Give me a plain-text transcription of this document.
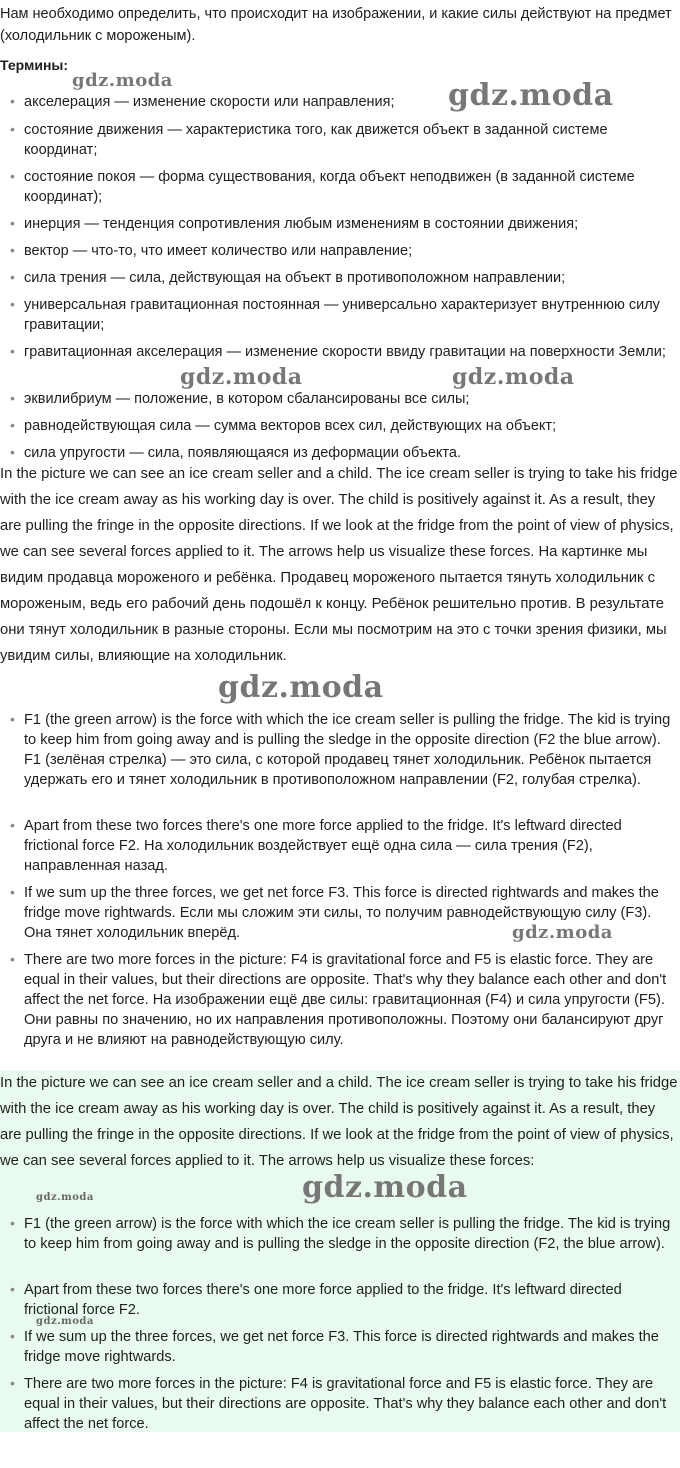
Нам необходимо определить, что происходит на изображении, и какие силы действуют на предмет (холодильник с мороженым).

Термины:

• акселерация — изменение скорости или направления;

• состояние движения — характеристика того, как движется объект в заданной системе координат;

• состояние покоя — форма существования, когда объект неподвижен (в заданной системе координат);

• инерция — тенденция сопротивления любым изменениям в состоянии движения;

• вектор — что-то, что имеет количество или направление;

• сила трения — сила, действующая на объект в противоположном направлении;

• универсальная гравитационная постоянная — универсально характеризует внутреннюю силу гравитации;

• гравитационная акселерация — изменение скорости ввиду гравитации на поверхности Земли;

• эквилибриум — положение, в котором сбалансированы все силы;

• равнодействующая сила — сумма векторов всех сил, действующих на объект;

• сила упругости — сила, появляющаяся из деформации объекта.

In the picture we can see an ice cream seller and a child. The ice cream seller is trying to take his fridge with the ice cream away as his working day is over. The child is positively against it. As a result, they are pulling the fringe in the opposite directions. If we look at the fridge from the point of view of physics, we can see several forces applied to it. The arrows help us visualize these forces. На картинке мы видим продавца мороженого и ребёнка. Продавец мороженого пытается тянуть холодильник с мороженым, ведь его рабочий день подошёл к концу. Ребёнок решительно против. В результате они тянут холодильник в разные стороны. Если мы посмотрим на это с точки зрения физики, мы увидим силы, влияющие на холодильник.

• F1 (the green arrow) is the force with which the ice cream seller is pulling the fridge. The kid is trying to keep him from going away and is pulling the sledge in the opposite direction (F2 the blue arrow). F1 (зелёная стрелка) — это сила, с которой продавец тянет холодильник. Ребёнок пытается удержать его и тянет холодильник в противоположном направлении (F2, голубая стрелка).

• Apart from these two forces there's one more force applied to the fridge. It's leftward directed frictional force F2. На холодильник воздействует ещё одна сила — сила трения (F2), направленная назад.

• If we sum up the three forces, we get net force F3. This force is directed rightwards and makes the fridge move rightwards. Если мы сложим эти силы, то получим равнодействующую силу (F3). Она тянет холодильник вперёд.

• There are two more forces in the picture: F4 is gravitational force and F5 is elastic force. They are equal in their values, but their directions are opposite. That's why they balance each other and don't affect the net force. На изображении ещё две силы: гравитационная (F4) и сила упругости (F5). Они равны по значению, но их направления противоположны. Поэтому они балансируют друг друга и не влияют на равнодействующую силу.

In the picture we can see an ice cream seller and a child. The ice cream seller is trying to take his fridge with the ice cream away as his working day is over. The child is positively against it. As a result, they are pulling the fringe in the opposite directions. If we look at the fridge from the point of view of physics, we can see several forces applied to it. The arrows help us visualize these forces:

• F1 (the green arrow) is the force with which the ice cream seller is pulling the fridge. The kid is trying to keep him from going away and is pulling the sledge in the opposite direction (F2, the blue arrow).

• Apart from these two forces there's one more force applied to the fridge. It's leftward directed frictional force F2.

• If we sum up the three forces, we get net force F3. This force is directed rightwards and makes the fridge move rightwards.

• There are two more forces in the picture: F4 is gravitational force and F5 is elastic force. They are equal in their values, but their directions are opposite. That's why they balance each other and don't affect the net force.

gdz.moda	gdz.moda
gdz.moda	gdz.moda
gdz.moda
gdz.moda
gdz.moda
gdz.moda
gdz.moda
